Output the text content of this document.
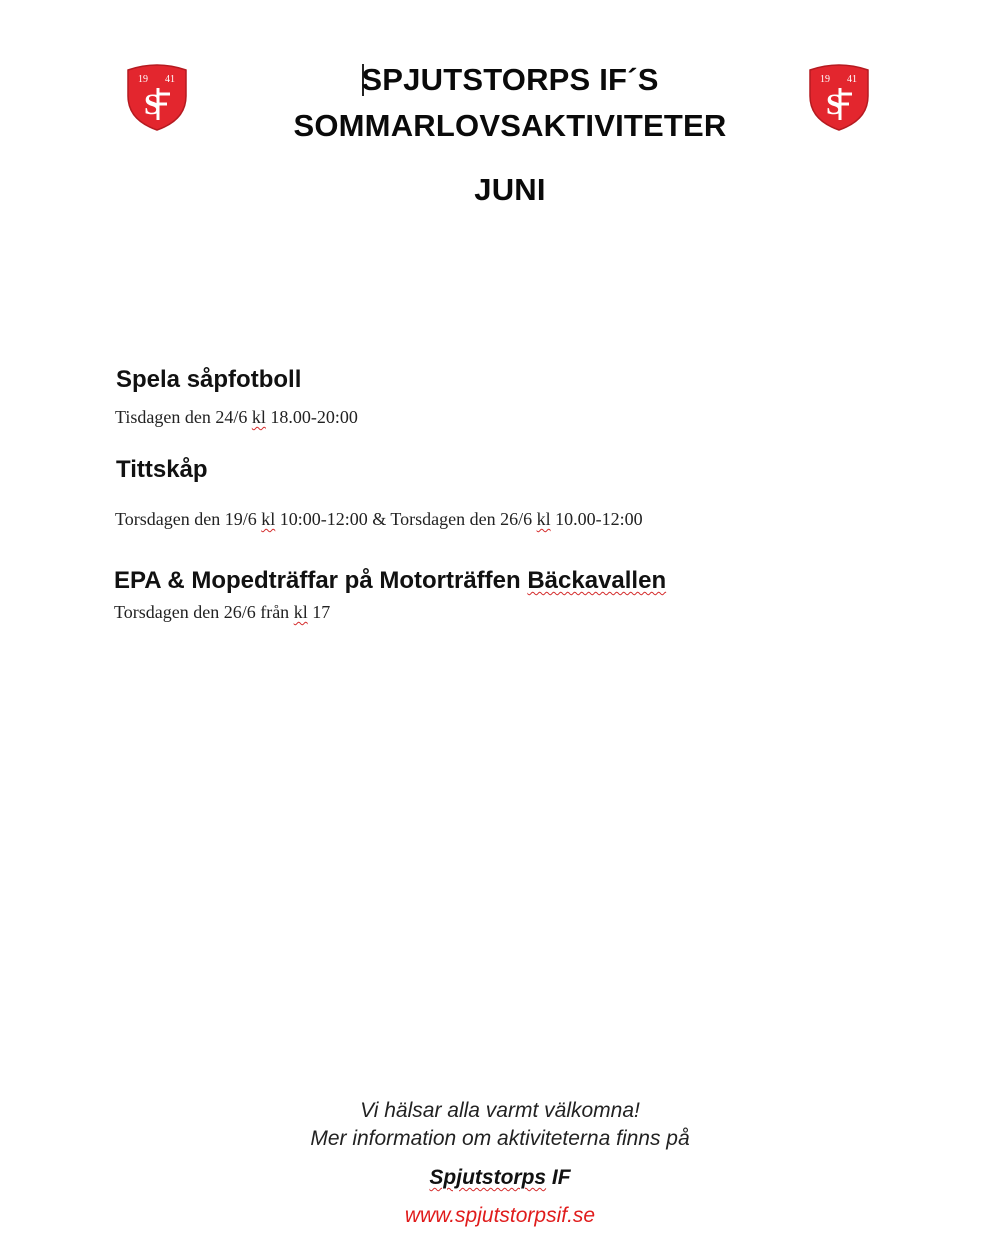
19 41
S
19 41
S
SPJUTSTORPS IF´S
SOMMARLOVSAKTIVITETER
JUNI
Spela såpfotboll
Tisdagen den 24/6 kl 18.00-20:00
Tittskåp
Torsdagen den 19/6 kl 10:00-12:00 & Torsdagen den 26/6 kl 10.00-12:00
EPA & Mopedträffar på Motorträffen Bäckavallen
Torsdagen den 26/6 från kl 17
Vi hälsar alla varmt välkomna!
Mer information om aktiviteterna finns på
Spjutstorps IF
www.spjutstorpsif.se
